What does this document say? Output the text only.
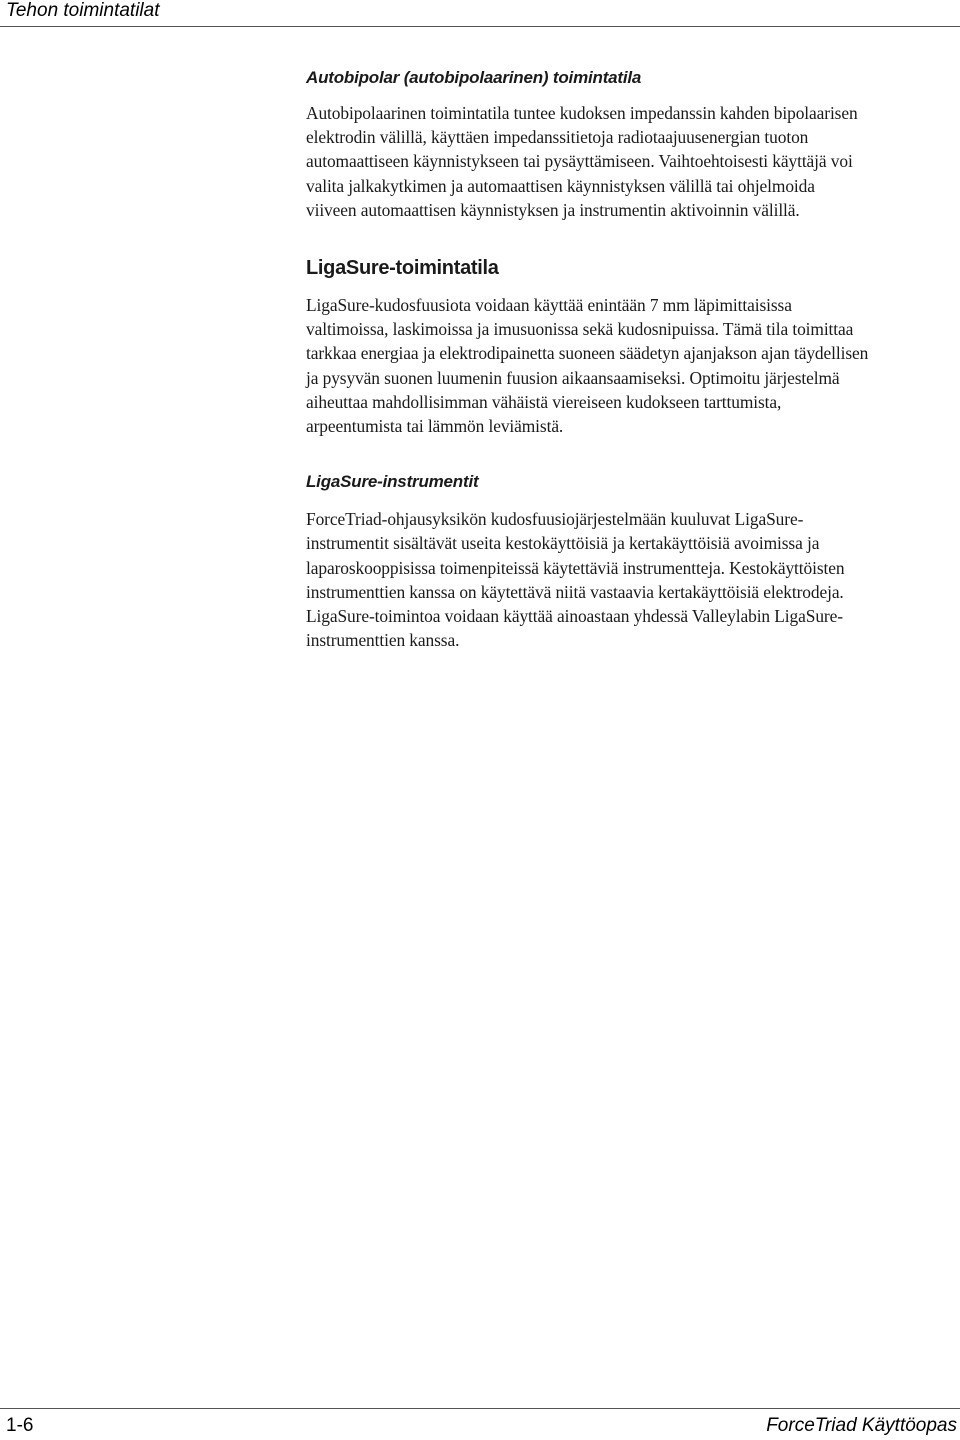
Tehon toimintatilat
Autobipolar (autobipolaarinen) toimintatila
Autobipolaarinen toimintatila tuntee kudoksen impedanssin kahden bipolaarisen
elektrodin välillä, käyttäen impedanssitietoja radiotaajuusenergian tuoton
automaattiseen käynnistykseen tai pysäyttämiseen. Vaihtoehtoisesti käyttäjä voi
valita jalkakytkimen ja automaattisen käynnistyksen välillä tai ohjelmoida
viiveen automaattisen käynnistyksen ja instrumentin aktivoinnin välillä.
LigaSure-toimintatila
LigaSure-kudosfuusiota voidaan käyttää enintään 7 mm läpimittaisissa
valtimoissa, laskimoissa ja imusuonissa sekä kudosnipuissa. Tämä tila toimittaa
tarkkaa energiaa ja elektrodipainetta suoneen säädetyn ajanjakson ajan täydellisen
ja pysyvän suonen luumenin fuusion aikaansaamiseksi. Optimoitu järjestelmä
aiheuttaa mahdollisimman vähäistä viereiseen kudokseen tarttumista,
arpeentumista tai lämmön leviämistä.
LigaSure-instrumentit
ForceTriad-ohjausyksikön kudosfuusiojärjestelmään kuuluvat LigaSure-
instrumentit sisältävät useita kestokäyttöisiä ja kertakäyttöisiä avoimissa ja
laparoskooppisissa toimenpiteissä käytettäviä instrumentteja. Kestokäyttöisten
instrumenttien kanssa on käytettävä niitä vastaavia kertakäyttöisiä elektrodeja.
LigaSure-toimintoa voidaan käyttää ainoastaan yhdessä Valleylabin LigaSure-
instrumenttien kanssa.
1-6	ForceTriad Käyttöopas
